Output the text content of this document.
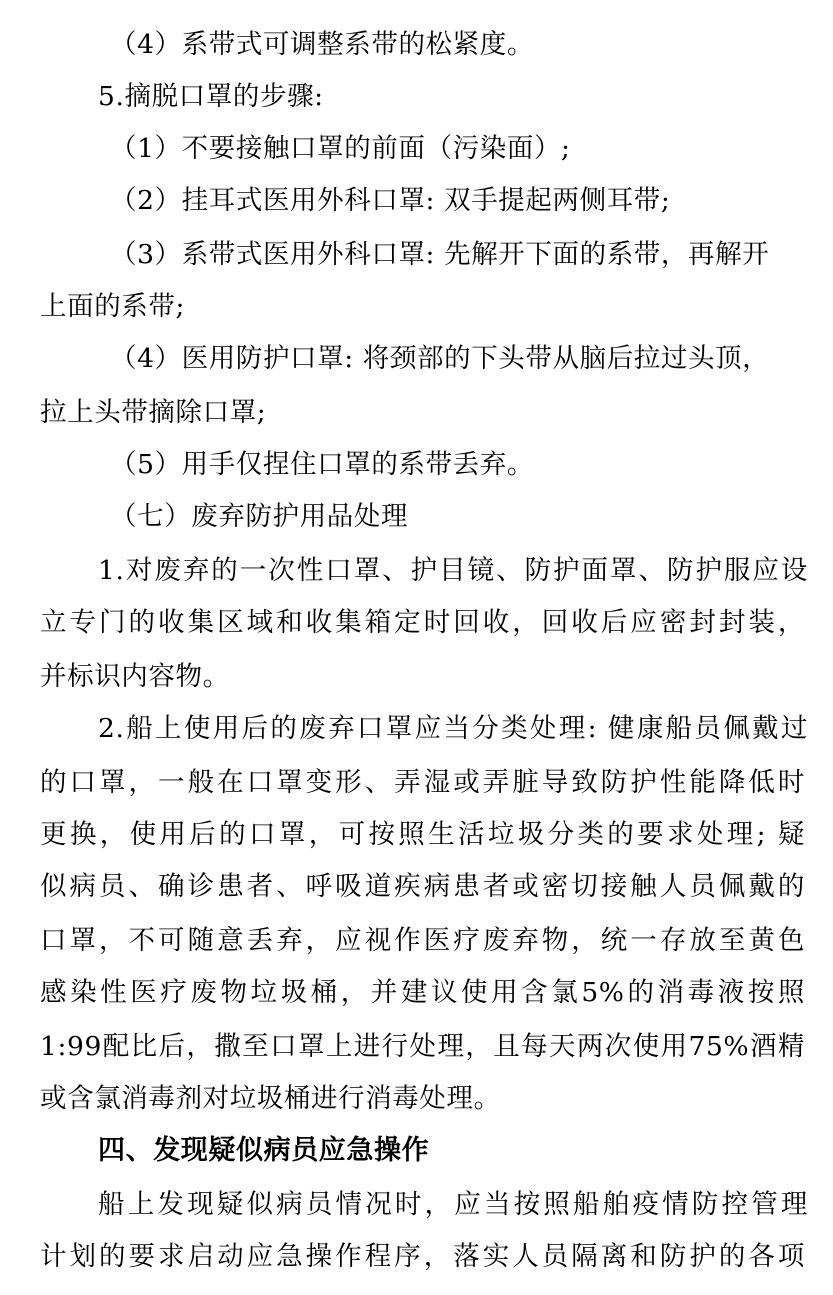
（4）系带式可调整系带的松紧度。
5.摘脱口罩的步骤:
（1）不要接触口罩的前面（污染面）;
（2）挂耳式医用外科口罩: 双手提起两侧耳带;
（3）系带式医用外科口罩: 先解开下面的系带，再解开
上面的系带;
（4）医用防护口罩: 将颈部的下头带从脑后拉过头顶，
拉上头带摘除口罩;
（5）用手仅捏住口罩的系带丢弃。
（七）废弃防护用品处理
1.对废弃的一次性口罩、护目镜、防护面罩、防护服应设
立专门的收集区域和收集箱定时回收，回收后应密封封装，
并标识内容物。
2.船上使用后的废弃口罩应当分类处理: 健康船员佩戴过
的口罩，一般在口罩变形、弄湿或弄脏导致防护性能降低时
更换，使用后的口罩，可按照生活垃圾分类的要求处理; 疑
似病员、确诊患者、呼吸道疾病患者或密切接触人员佩戴的
口罩，不可随意丢弃，应视作医疗废弃物，统一存放至黄色
感染性医疗废物垃圾桶，并建议使用含氯5%的消毒液按照
1:99配比后，撒至口罩上进行处理，且每天两次使用75%酒精
或含氯消毒剂对垃圾桶进行消毒处理。
四、发现疑似病员应急操作
船上发现疑似病员情况时，应当按照船舶疫情防控管理
计划的要求启动应急操作程序，落实人员隔离和防护的各项
